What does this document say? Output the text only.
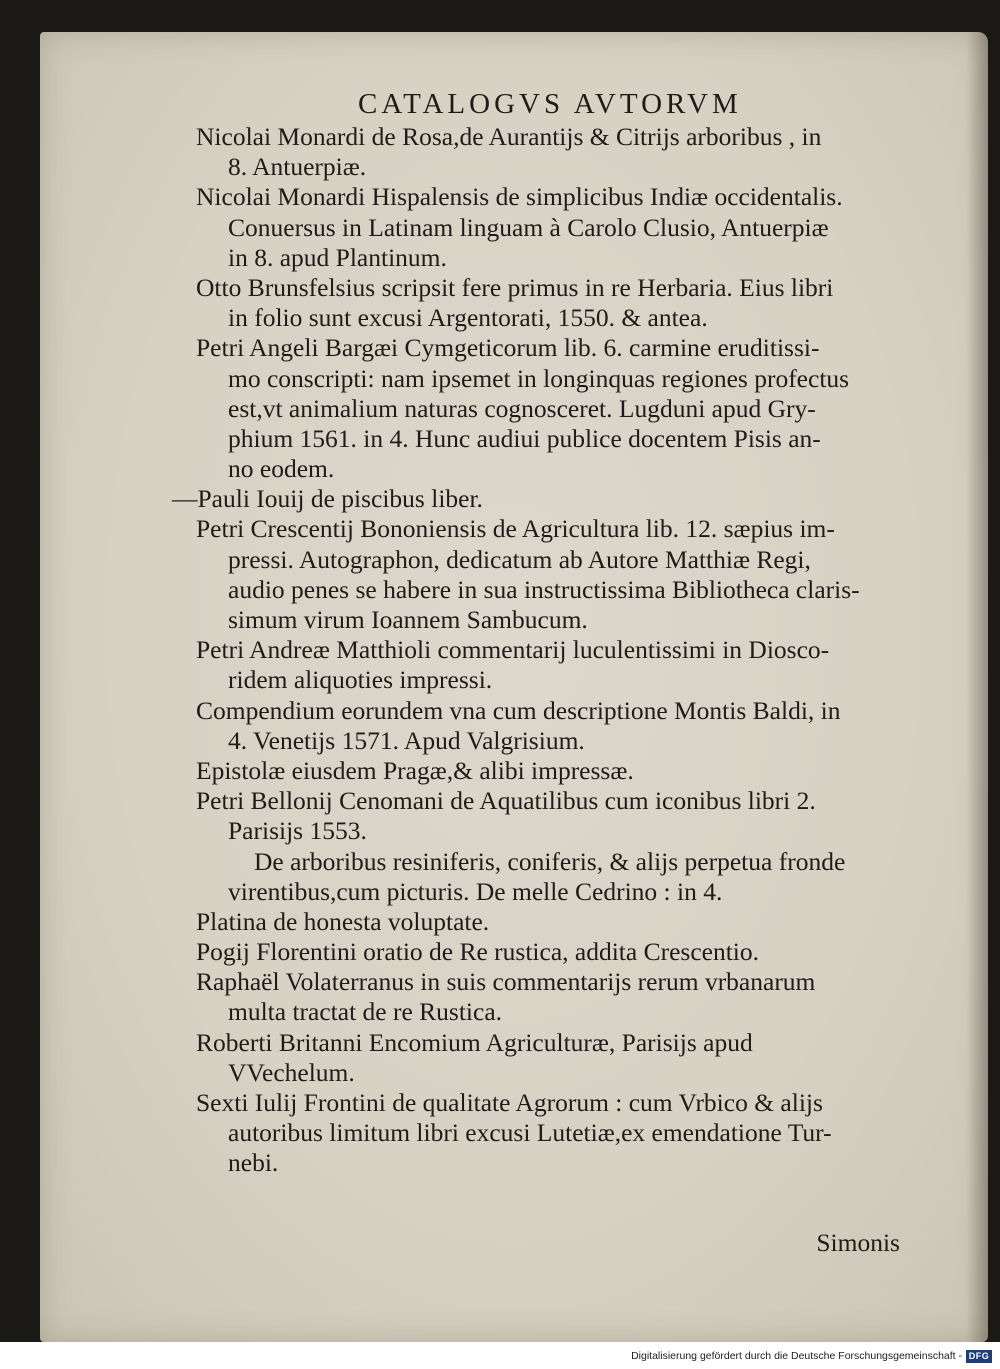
CATALOGVS AVTORVM
Nicolai Monardi de Rosa,de Aurantijs & Citrijs arboribus , in
8. Antuerpiæ.
Nicolai Monardi Hispalensis de simplicibus Indiæ occidentalis.
Conuersus in Latinam linguam à Carolo Clusio, Antuerpiæ
in 8. apud Plantinum.
Otto Brunsfelsius scripsit fere primus in re Herbaria. Eius libri
in folio sunt excusi Argentorati, 1550. & antea.
Petri Angeli Bargæi Cymgeticorum lib. 6. carmine eruditissi-
mo conscripti: nam ipsemet in longinquas regiones profectus
est,vt animalium naturas cognosceret. Lugduni apud Gry-
phium 1561. in 4. Hunc audiui publice docentem Pisis an-
no eodem.
—Pauli Iouij de piscibus liber.
Petri Crescentij Bononiensis de Agricultura lib. 12. sæpius im-
pressi. Autographon, dedicatum ab Autore Matthiæ Regi,
audio penes se habere in sua instructissima Bibliotheca claris-
simum virum Ioannem Sambucum.
Petri Andreæ Matthioli commentarij luculentissimi in Diosco-
ridem aliquoties impressi.
Compendium eorundem vna cum descriptione Montis Baldi, in
4. Venetijs 1571. Apud Valgrisium.
Epistolæ eiusdem Pragæ,& alibi impressæ.
Petri Bellonij Cenomani de Aquatilibus cum iconibus libri 2.
Parisijs 1553.
De arboribus resiniferis, coniferis, & alijs perpetua fronde
virentibus,cum picturis. De melle Cedrino : in 4.
Platina de honesta voluptate.
Pogij Florentini oratio de Re rustica, addita Crescentio.
Raphaël Volaterranus in suis commentarijs rerum vrbanarum
multa tractat de re Rustica.
Roberti Britanni Encomium Agriculturæ, Parisijs apud
VVechelum.
Sexti Iulij Frontini de qualitate Agrorum : cum Vrbico & alijs
autoribus limitum libri excusi Lutetiæ,ex emendatione Tur-
nebi.
Simonis
Digitalisierung gefördert durch die Deutsche Forschungsgemeinschaft - DFG
